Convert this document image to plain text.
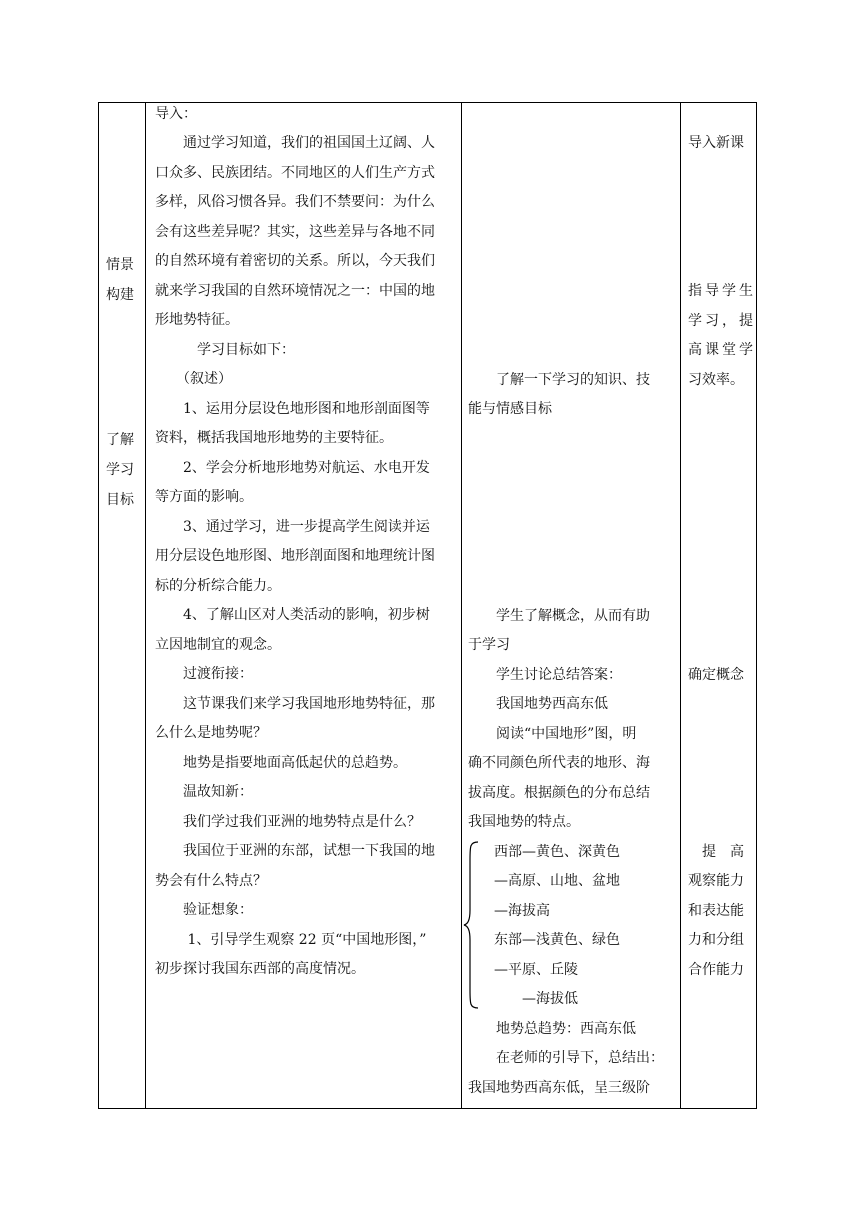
情景
构建
了解
学习
目标
导入：
　　通过学习知道，我们的祖国国土辽阔、人
口众多、民族团结。不同地区的人们生产方式
多样，风俗习惯各异。我们不禁要问：为什么
会有这些差异呢？其实，这些差异与各地不同
的自然环境有着密切的关系。所以，今天我们
就来学习我国的自然环境情况之一：中国的地
形地势特征。
　　　学习目标如下：
　　（叙述）
　　1、运用分层设色地形图和地形剖面图等
资料，概括我国地形地势的主要特征。
　　2、学会分析地形地势对航运、水电开发
等方面的影响。
　　3、通过学习，进一步提高学生阅读并运
用分层设色地形图、地形剖面图和地理统计图
标的分析综合能力。
　　4、了解山区对人类活动的影响，初步树
立因地制宜的观念。
　　过渡衔接：
　　这节课我们来学习我国地形地势特征，那
么什么是地势呢？
　　地势是指要地面高低起伏的总趋势。
　　温故知新：
　　我们学过我们亚洲的地势特点是什么？
　　我国位于亚洲的东部，试想一下我国的地
势会有什么特点？
　　验证想象：
　　 1、引导学生观察 22 页“中国地形图，”
初步探讨我国东西部的高度情况。
　　了解一下学习的知识、技
能与情感目标
　　学生了解概念，从而有助
于学习
　　学生讨论总结答案：
　　我国地势西高东低
　　阅读“中国地形”图，明
确不同颜色所代表的地形、海
拔高度。根据颜色的分布总结
我国地势的特点。
西部—黄色、深黄色
—高原、山地、盆地
—海拔高
东部—浅黄色、绿色
—平原、丘陵
　　—海拔低
　　地势总趋势：西高东低
　　在老师的引导下，总结出：
我国地势西高东低，呈三级阶
导入新课
指导学生
学习，提
高课堂学
习效率。
确定概念
　提　高
观察能力
和表达能
力和分组
合作能力
